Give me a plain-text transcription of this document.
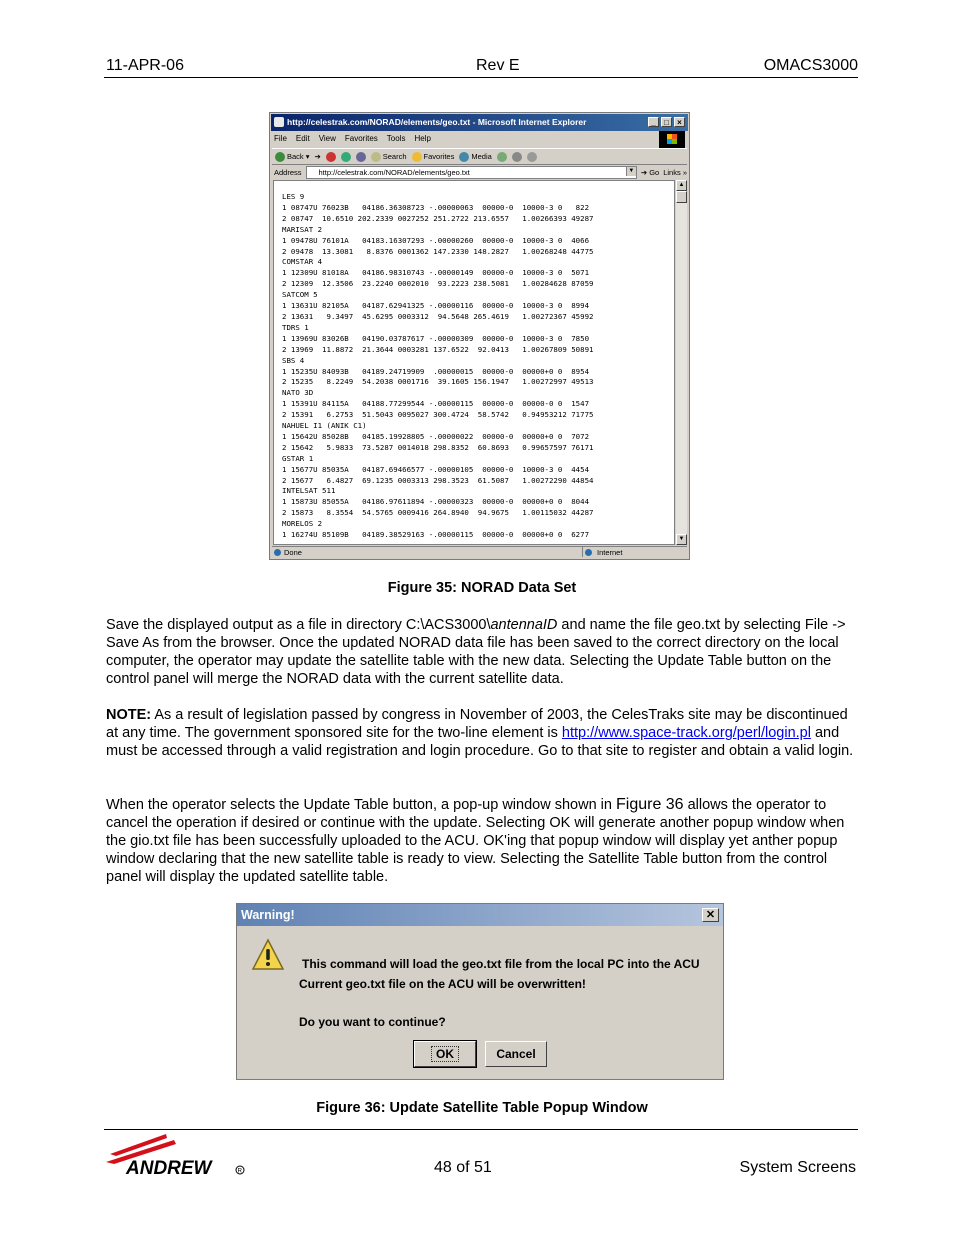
11-APR-06	Rev E	OMACS3000
http://celestrak.com/NORAD/elements/geo.txt - Microsoft Internet Explorer	_	□	×
File Edit View Favorites Tools Help
Back ▾ ➔	Search Favorites Media
Address	http://celestrak.com/NORAD/elements/geo.txt	▼ ➔ Go Links »
LES 9
1 08747U 76023B   04186.36308723 -.00000063  00000-0  10000-3 0   822
2 08747  10.6510 202.2339 0027252 251.2722 213.6557   1.00266393 49287
MARISAT 2
1 09478U 76101A   04183.16307293 -.00000260  00000-0  10000-3 0  4066
2 09478  13.3081   8.8376 0001362 147.2330 148.2827   1.00268248 44775
COMSTAR 4
1 12309U 81018A   04186.98310743 -.00000149  00000-0  10000-3 0  5071
2 12309  12.3506  23.2240 0002010  93.2223 238.5081   1.00284628 87059
SATCOM 5
1 13631U 82105A   04187.62941325 -.00000116  00000-0  10000-3 0  8994
2 13631   9.3497  45.6295 0003312  94.5648 265.4619   1.00272367 45992
TDRS 1
1 13969U 83026B   04190.03787617 -.00000309  00000-0  10000-3 0  7850
2 13969  11.8872  21.3644 0003281 137.6522  92.0413   1.00267809 50891
SBS 4
1 15235U 84093B   04189.24719909  .00000015  00000-0  00000+0 0  8954
2 15235   8.2249  54.2038 0001716  39.1605 156.1947   1.00272997 49513
NATO 3D
1 15391U 84115A   04188.77299544 -.00000115  00000-0  00000-0 0  1547
2 15391   6.2753  51.5043 0095027 300.4724  58.5742   0.94953212 71775
NAHUEL I1 (ANIK C1)
1 15642U 85028B   04185.19928805 -.00000022  00000-0  00000+0 0  7072
2 15642   5.9833  73.5287 0014018 298.8352  60.8693   0.99657597 76171
GSTAR 1
1 15677U 85035A   04187.69466577 -.00000105  00000-0  10000-3 0  4454
2 15677   6.4827  69.1235 0003313 298.3523  61.5087   1.00272290 44854
INTELSAT 511
1 15873U 85055A   04186.97611894 -.00000323  00000-0  00000+0 0  8044
2 15873   8.3554  54.5765 0009416 264.8940  94.9675   1.00115032 44287
MORELOS 2
1 16274U 85109B   04189.38529163 -.00000115  00000-0  00000+0 0  6277

▲
▼
Done	Internet
Figure 35: NORAD Data Set
Save the displayed output as a file in directory C:\ACS3000\antennaID and name the file geo.txt by selecting File -> Save As from the browser. Once the updated NORAD data file has been saved to the correct directory on the local computer, the operator may update the satellite table with the new data. Selecting the Update Table button on the control panel will merge the NORAD data with the current satellite data.
NOTE: As a result of legislation passed by congress in November of 2003, the CelesTraks site may be discontinued at any time. The government sponsored site for the two-line element is http://www.space-track.org/perl/login.pl and must be accessed through a valid registration and login procedure. Go to that site to register and obtain a valid login.
When the operator selects the Update Table button, a pop-up window shown in Figure 36 allows the operator to cancel the operation if desired or continue with the update. Selecting OK will generate another popup window when the gio.txt file has been successfully uploaded to the ACU. OK'ing that popup window will display yet anther popup window declaring that the new satellite table is ready to view. Selecting the Satellite Table button from the control panel will display the updated satellite table.
Warning!	✕
This command will load the geo.txt file from the local PC into the ACU
Current geo.txt file on the ACU will be overwritten!
Do you want to continue?
OK	Cancel
Figure 36: Update Satellite Table Popup Window
ANDREW	R	48 of 51	System Screens
